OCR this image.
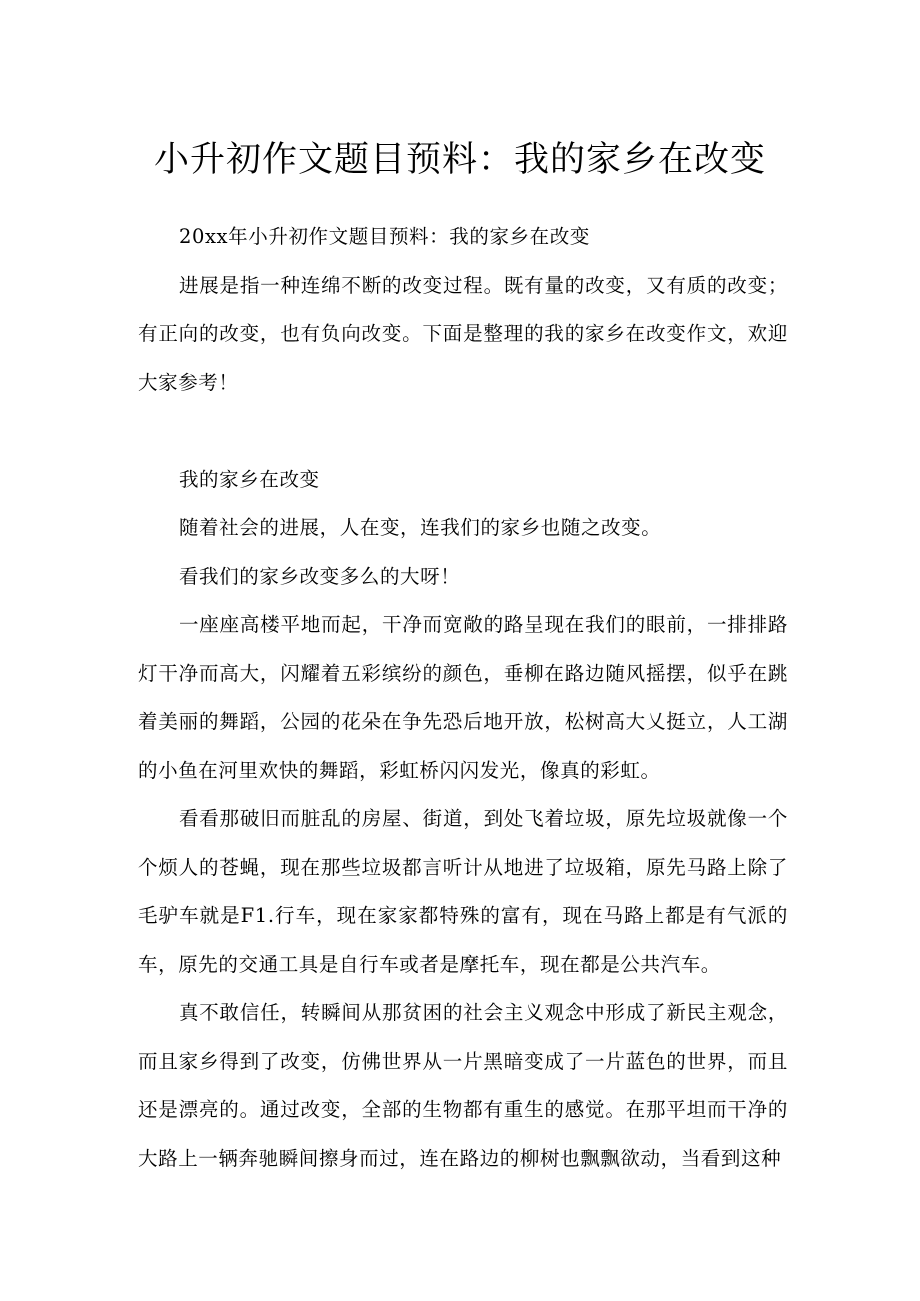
小升初作文题目预料：我的家乡在改变

20xx年小升初作文题目预料：我的家乡在改变

进展是指一种连绵不断的改变过程。既有量的改变，又有质的改变；有正向的改变，也有负向改变。下面是整理的我的家乡在改变作文，欢迎大家参考！

我的家乡在改变

随着社会的进展，人在变，连我们的家乡也随之改变。

看我们的家乡改变多么的大呀！

一座座高楼平地而起，干净而宽敞的路呈现在我们的眼前，一排排路灯干净而高大，闪耀着五彩缤纷的颜色，垂柳在路边随风摇摆，似乎在跳着美丽的舞蹈，公园的花朵在争先恐后地开放，松树高大乂挺立，人工湖的小鱼在河里欢快的舞蹈，彩虹桥闪闪发光，像真的彩虹。

看看那破旧而脏乱的房屋、街道，到处飞着垃圾，原先垃圾就像一个个烦人的苍蝇，现在那些垃圾都言听计从地进了垃圾箱，原先马路上除了毛驴车就是F1.行车，现在家家都特殊的富有，现在马路上都是有气派的车，原先的交通工具是自行车或者是摩托车，现在都是公共汽车。

真不敢信任，转瞬间从那贫困的社会主义观念中形成了新民主观念，而且家乡得到了改变，仿佛世界从一片黑暗变成了一片蓝色的世界，而且还是漂亮的。通过改变，全部的生物都有重生的感觉。在那平坦而干净的大路上一辆奔驰瞬间擦身而过，连在路边的柳树也飘飘欲动，当看到这种
